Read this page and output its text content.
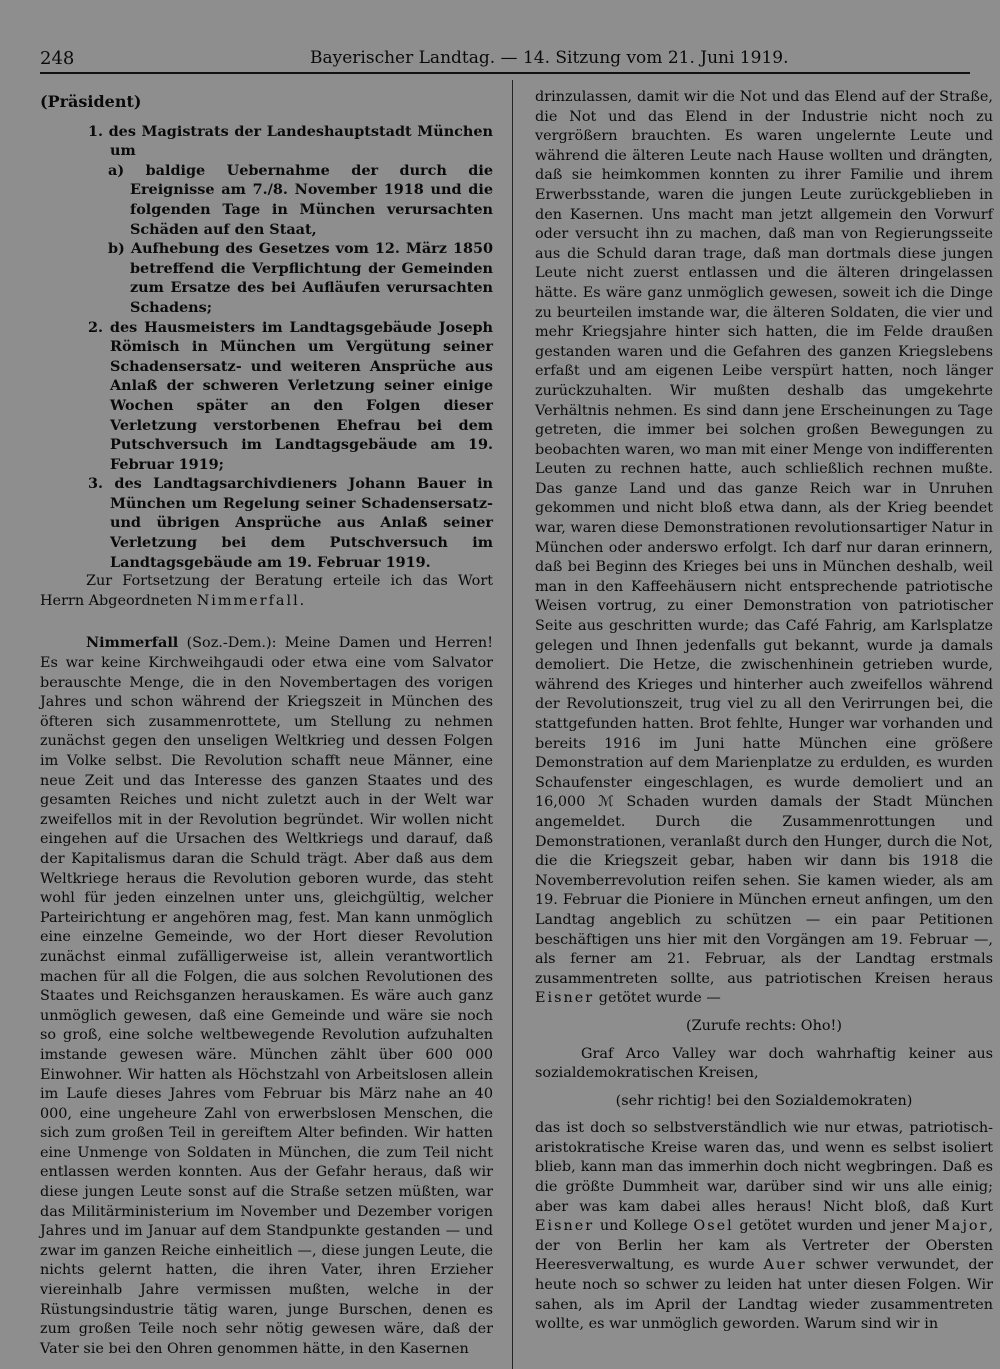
248	Bayerischer Landtag. — 14. Sitzung vom 21. Juni 1919.
(Präsident)

1. des Magistrats der Landeshauptstadt München um

a) baldige Uebernahme der durch die Ereignisse am 7./8. November 1918 und die folgenden Tage in München verursachten Schäden auf den Staat,

b) Aufhebung des Gesetzes vom 12. März 1850 betreffend die Verpflichtung der Gemeinden zum Ersatze des bei Aufläufen verursachten Schadens;

2. des Hausmeisters im Landtagsgebäude Joseph Römisch in München um Vergütung seiner Schadensersatz- und weiteren Ansprüche aus Anlaß der schweren Verletzung seiner einige Wochen später an den Folgen dieser Verletzung verstorbenen Ehefrau bei dem Putschversuch im Landtagsgebäude am 19. Februar 1919;

3. des Landtagsarchivdieners Johann Bauer in München um Regelung seiner Schadensersatz- und übrigen Ansprüche aus Anlaß seiner Verletzung bei dem Putschversuch im Landtagsgebäude am 19. Februar 1919.

Zur Fortsetzung der Beratung erteile ich das Wort Herrn Abgeordneten Nimmerfall.

Nimmerfall (Soz.-Dem.): Meine Damen und Herren! Es war keine Kirchweihgaudi oder etwa eine vom Salvator berauschte Menge, die in den Novembertagen des vorigen Jahres und schon während der Kriegszeit in München des öfteren sich zusammenrottete, um Stellung zu nehmen zunächst gegen den unseligen Weltkrieg und dessen Folgen im Volke selbst. Die Revolution schafft neue Männer, eine neue Zeit und das Interesse des ganzen Staates und des gesamten Reiches und nicht zuletzt auch in der Welt war zweifellos mit in der Revolution begründet. Wir wollen nicht eingehen auf die Ursachen des Weltkriegs und darauf, daß der Kapitalismus daran die Schuld trägt. Aber daß aus dem Weltkriege heraus die Revolution geboren wurde, das steht wohl für jeden einzelnen unter uns, gleichgültig, welcher Parteirichtung er angehören mag, fest. Man kann unmöglich eine einzelne Gemeinde, wo der Hort dieser Revolution zunächst einmal zufälligerweise ist, allein verantwortlich machen für all die Folgen, die aus solchen Revolutionen des Staates und Reichsganzen herauskamen. Es wäre auch ganz unmöglich gewesen, daß eine Gemeinde und wäre sie noch so groß, eine solche weltbewegende Revolution aufzuhalten imstande gewesen wäre. München zählt über 600 000 Einwohner. Wir hatten als Höchstzahl von Arbeitslosen allein im Laufe dieses Jahres vom Februar bis März nahe an 40 000, eine ungeheure Zahl von erwerbslosen Menschen, die sich zum großen Teil in gereiftem Alter befinden. Wir hatten eine Unmenge von Soldaten in München, die zum Teil nicht entlassen werden konnten. Aus der Gefahr heraus, daß wir diese jungen Leute sonst auf die Straße setzen müßten, war das Militärministerium im November und Dezember vorigen Jahres und im Januar auf dem Standpunkte gestanden — und zwar im ganzen Reiche einheitlich —, diese jungen Leute, die nichts gelernt hatten, die ihren Vater, ihren Erzieher viereinhalb Jahre vermissen mußten, welche in der Rüstungsindustrie tätig waren, junge Burschen, denen es zum großen Teile noch sehr nötig gewesen wäre, daß der Vater sie bei den Ohren genommen hätte, in den Kasernen

drinzulassen, damit wir die Not und das Elend auf der Straße, die Not und das Elend in der Industrie nicht noch zu vergrößern brauchten. Es waren ungelernte Leute und während die älteren Leute nach Hause wollten und drängten, daß sie heimkommen konnten zu ihrer Familie und ihrem Erwerbsstande, waren die jungen Leute zurückgeblieben in den Kasernen. Uns macht man jetzt allgemein den Vorwurf oder versucht ihn zu machen, daß man von Regierungsseite aus die Schuld daran trage, daß man dortmals diese jungen Leute nicht zuerst entlassen und die älteren dringelassen hätte. Es wäre ganz unmöglich gewesen, soweit ich die Dinge zu beurteilen imstande war, die älteren Soldaten, die vier und mehr Kriegsjahre hinter sich hatten, die im Felde draußen gestanden waren und die Gefahren des ganzen Kriegslebens erfaßt und am eigenen Leibe verspürt hatten, noch länger zurückzuhalten. Wir mußten deshalb das umgekehrte Verhältnis nehmen. Es sind dann jene Erscheinungen zu Tage getreten, die immer bei solchen großen Bewegungen zu beobachten waren, wo man mit einer Menge von indifferenten Leuten zu rechnen hatte, auch schließlich rechnen mußte. Das ganze Land und das ganze Reich war in Unruhen gekommen und nicht bloß etwa dann, als der Krieg beendet war, waren diese Demonstrationen revolutionsartiger Natur in München oder anderswo erfolgt. Ich darf nur daran erinnern, daß bei Beginn des Krieges bei uns in München deshalb, weil man in den Kaffeehäusern nicht entsprechende patriotische Weisen vortrug, zu einer Demonstration von patriotischer Seite aus geschritten wurde; das Café Fahrig, am Karlsplatze gelegen und Ihnen jedenfalls gut bekannt, wurde ja damals demoliert. Die Hetze, die zwischenhinein getrieben wurde, während des Krieges und hinterher auch zweifellos während der Revolutionszeit, trug viel zu all den Verirrungen bei, die stattgefunden hatten. Brot fehlte, Hunger war vorhanden und bereits 1916 im Juni hatte München eine größere Demonstration auf dem Marienplatze zu erdulden, es wurden Schaufenster eingeschlagen, es wurde demoliert und an 16,000 ℳ Schaden wurden damals der Stadt München angemeldet. Durch die Zusammenrottungen und Demonstrationen, veranlaßt durch den Hunger, durch die Not, die die Kriegszeit gebar, haben wir dann bis 1918 die Novemberrevolution reifen sehen. Sie kamen wieder, als am 19. Februar die Pioniere in München erneut anfingen, um den Landtag angeblich zu schützen — ein paar Petitionen beschäftigen uns hier mit den Vorgängen am 19. Februar —, als ferner am 21. Februar, als der Landtag erstmals zusammentreten sollte, aus patriotischen Kreisen heraus Eisner getötet wurde —

(Zurufe rechts: Oho!)

Graf Arco Valley war doch wahrhaftig keiner aus sozialdemokratischen Kreisen,

(sehr richtig! bei den Sozialdemokraten)

das ist doch so selbstverständlich wie nur etwas, patriotisch-aristokratische Kreise waren das, und wenn es selbst isoliert blieb, kann man das immerhin doch nicht wegbringen. Daß es die größte Dummheit war, darüber sind wir uns alle einig; aber was kam dabei alles heraus! Nicht bloß, daß Kurt Eisner und Kollege Osel getötet wurden und jener Major, der von Berlin her kam als Vertreter der Obersten Heeresverwaltung, es wurde Auer schwer verwundet, der heute noch so schwer zu leiden hat unter diesen Folgen. Wir sahen, als im April der Landtag wieder zusammentreten wollte, es war unmöglich geworden. Warum sind wir in
